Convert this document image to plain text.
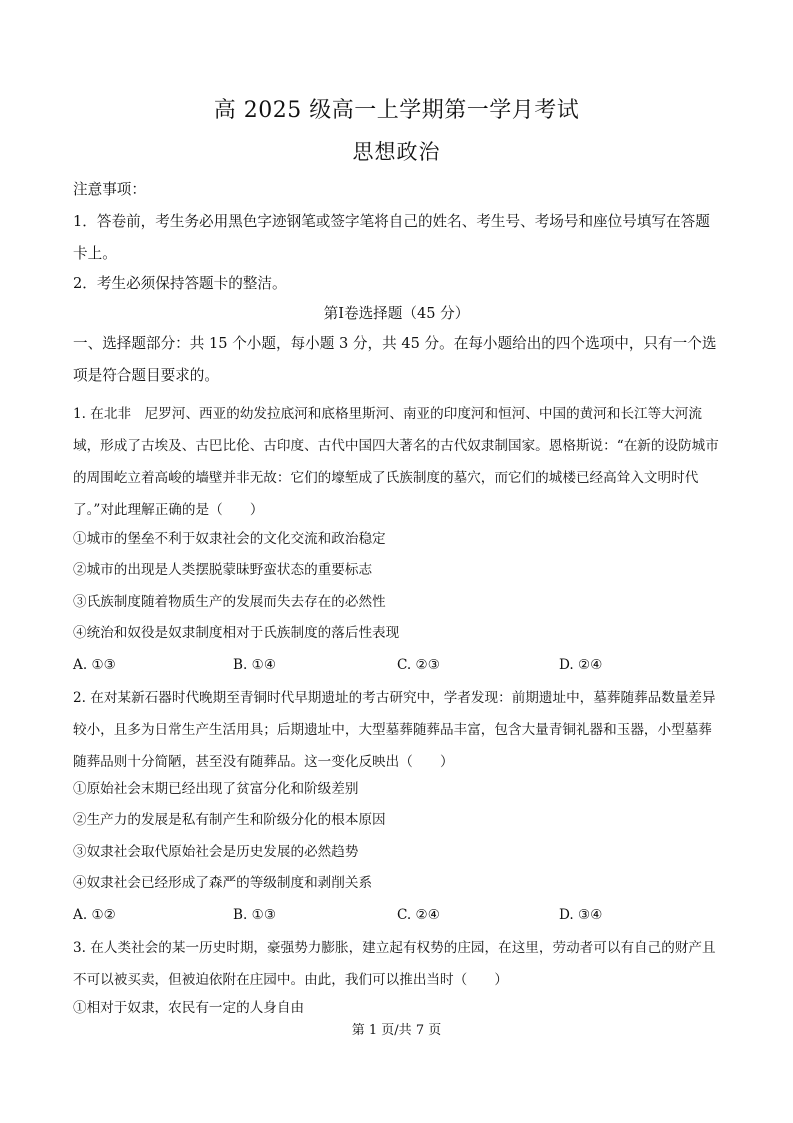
高 2025 级高一上学期第一学月考试
思想政治
注意事项：
1．答卷前，考生务必用黑色字迹钢笔或签字笔将自己的姓名、考生号、考场号和座位号填写在答题卡上。
2．考生必须保持答题卡的整洁。
第Ⅰ卷选择题（45 分）
一、选择题部分：共 15 个小题，每小题 3 分，共 45 分。在每小题给出的四个选项中，只有一个选项是符合题目要求的。
1. 在北非　尼罗河、西亚的幼发拉底河和底格里斯河、南亚的印度河和恒河、中国的黄河和长江等大河流域，形成了古埃及、古巴比伦、古印度、古代中国四大著名的古代奴隶制国家。恩格斯说：“在新的设防城市的周围屹立着高峻的墙壁并非无故：它们的壕堑成了氏族制度的墓穴，而它们的城楼已经高耸入文明时代了。”对此理解正确的是（　　）
①城市的堡垒不利于奴隶社会的文化交流和政治稳定
②城市的出现是人类摆脱蒙昧野蛮状态的重要标志
③氏族制度随着物质生产的发展而失去存在的必然性
④统治和奴役是奴隶制度相对于氏族制度的落后性表现
A. ①③	B. ①④	C. ②③	D. ②④
2. 在对某新石器时代晚期至青铜时代早期遗址的考古研究中，学者发现：前期遗址中，墓葬随葬品数量差异较小，且多为日常生产生活用具；后期遗址中，大型墓葬随葬品丰富，包含大量青铜礼器和玉器，小型墓葬随葬品则十分简陋，甚至没有随葬品。这一变化反映出（　　）
①原始社会末期已经出现了贫富分化和阶级差别
②生产力的发展是私有制产生和阶级分化的根本原因
③奴隶社会取代原始社会是历史发展的必然趋势
④奴隶社会已经形成了森严的等级制度和剥削关系
A. ①②	B. ①③	C. ②④	D. ③④
3. 在人类社会的某一历史时期，豪强势力膨胀，建立起有权势的庄园，在这里，劳动者可以有自己的财产且不可以被买卖，但被迫依附在庄园中。由此，我们可以推出当时（　　）
①相对于奴隶，农民有一定的人身自由
第 1 页/共 7 页
